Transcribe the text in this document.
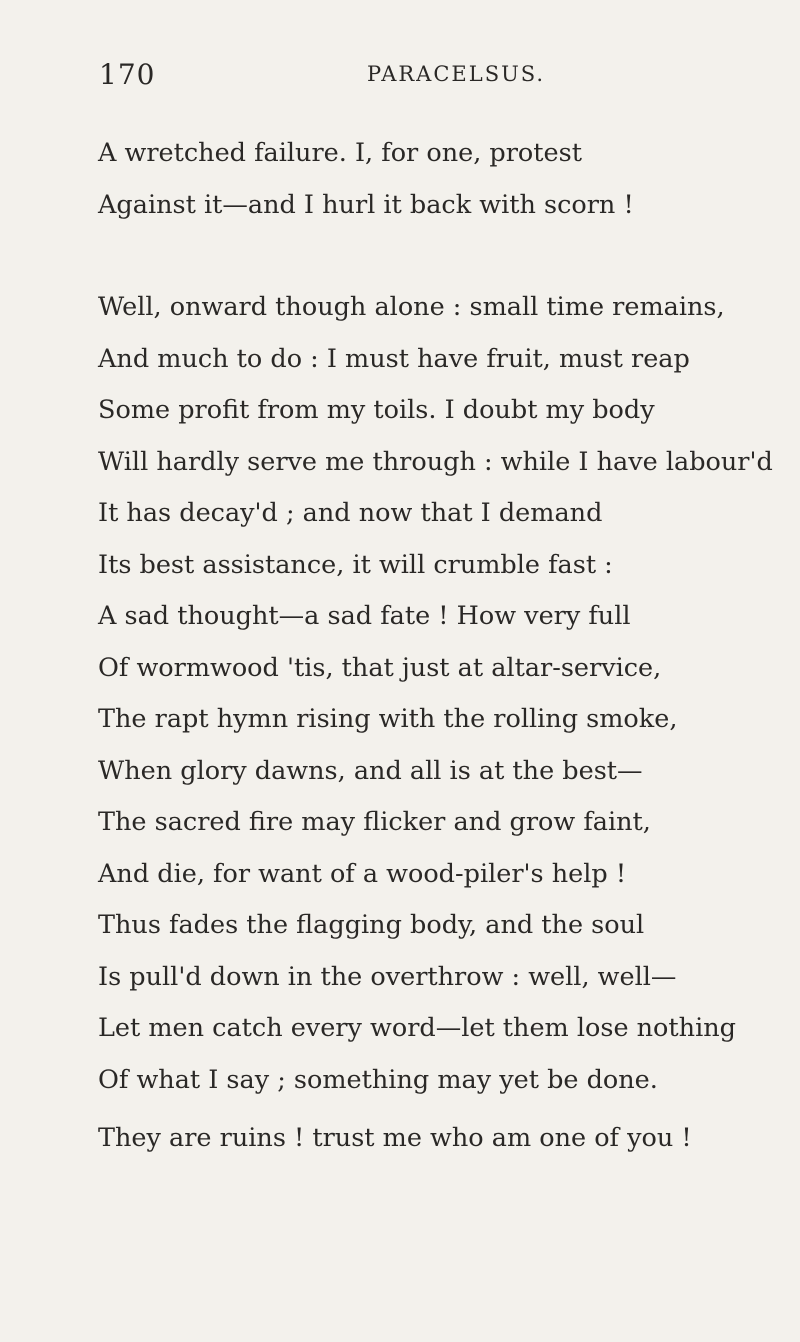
170	PARACELSUS.
A wretched failure. I, for one, protest
Against it—and I hurl it back with scorn !
Well, onward though alone : small time remains,
And much to do : I must have fruit, must reap
Some profit from my toils. I doubt my body
Will hardly serve me through : while I have labour'd
It has decay'd ; and now that I demand
Its best assistance, it will crumble fast :
A sad thought—a sad fate ! How very full
Of wormwood 'tis, that just at altar-service,
The rapt hymn rising with the rolling smoke,
When glory dawns, and all is at the best—
The sacred fire may flicker and grow faint,
And die, for want of a wood-piler's help !
Thus fades the flagging body, and the soul
Is pull'd down in the overthrow : well, well—
Let men catch every word—let them lose nothing
Of what I say ; something may yet be done.
They are ruins ! trust me who am one of you !
